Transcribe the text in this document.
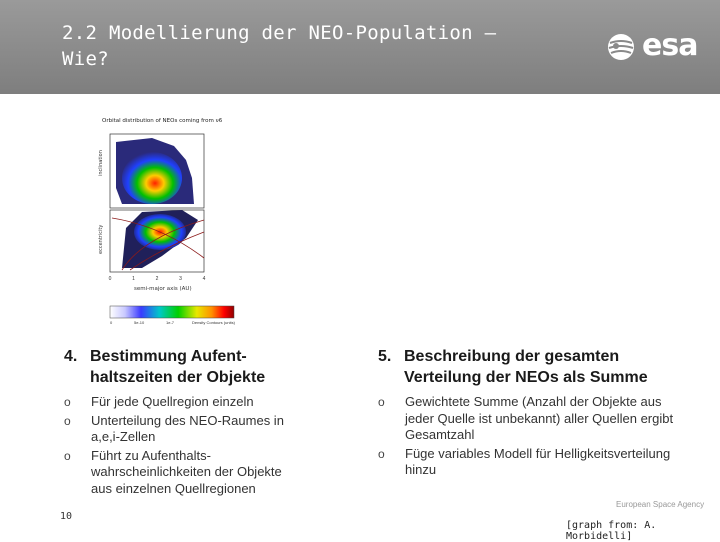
2.2 Modellierung der NEO-Population –
Wie?	esa
Orbital distribution of NEOs coming from ν6
inclination
eccentricity
0	1	2	3	4
semi-major axis (AU)
0	5e-10	1e-7	Density Contours (units)
4. Bestimmung Aufent-haltszeiten der Objekte
o Für jede Quellregion einzeln
o Unterteilung des NEO-Raumes in a,e,i-Zellen
o Führt zu Aufenthalts-wahrscheinlichkeiten der Objekte aus einzelnen Quellregionen
5. Beschreibung der gesamten Verteilung der NEOs als Summe
o Gewichtete Summe (Anzahl der Objekte aus jeder Quelle ist unbekannt) aller Quellen ergibt Gesamtzahl
o Füge variables Modell für Helligkeitsverteilung hinzu
10
European Space Agency
[graph from: A. Morbidelli]
